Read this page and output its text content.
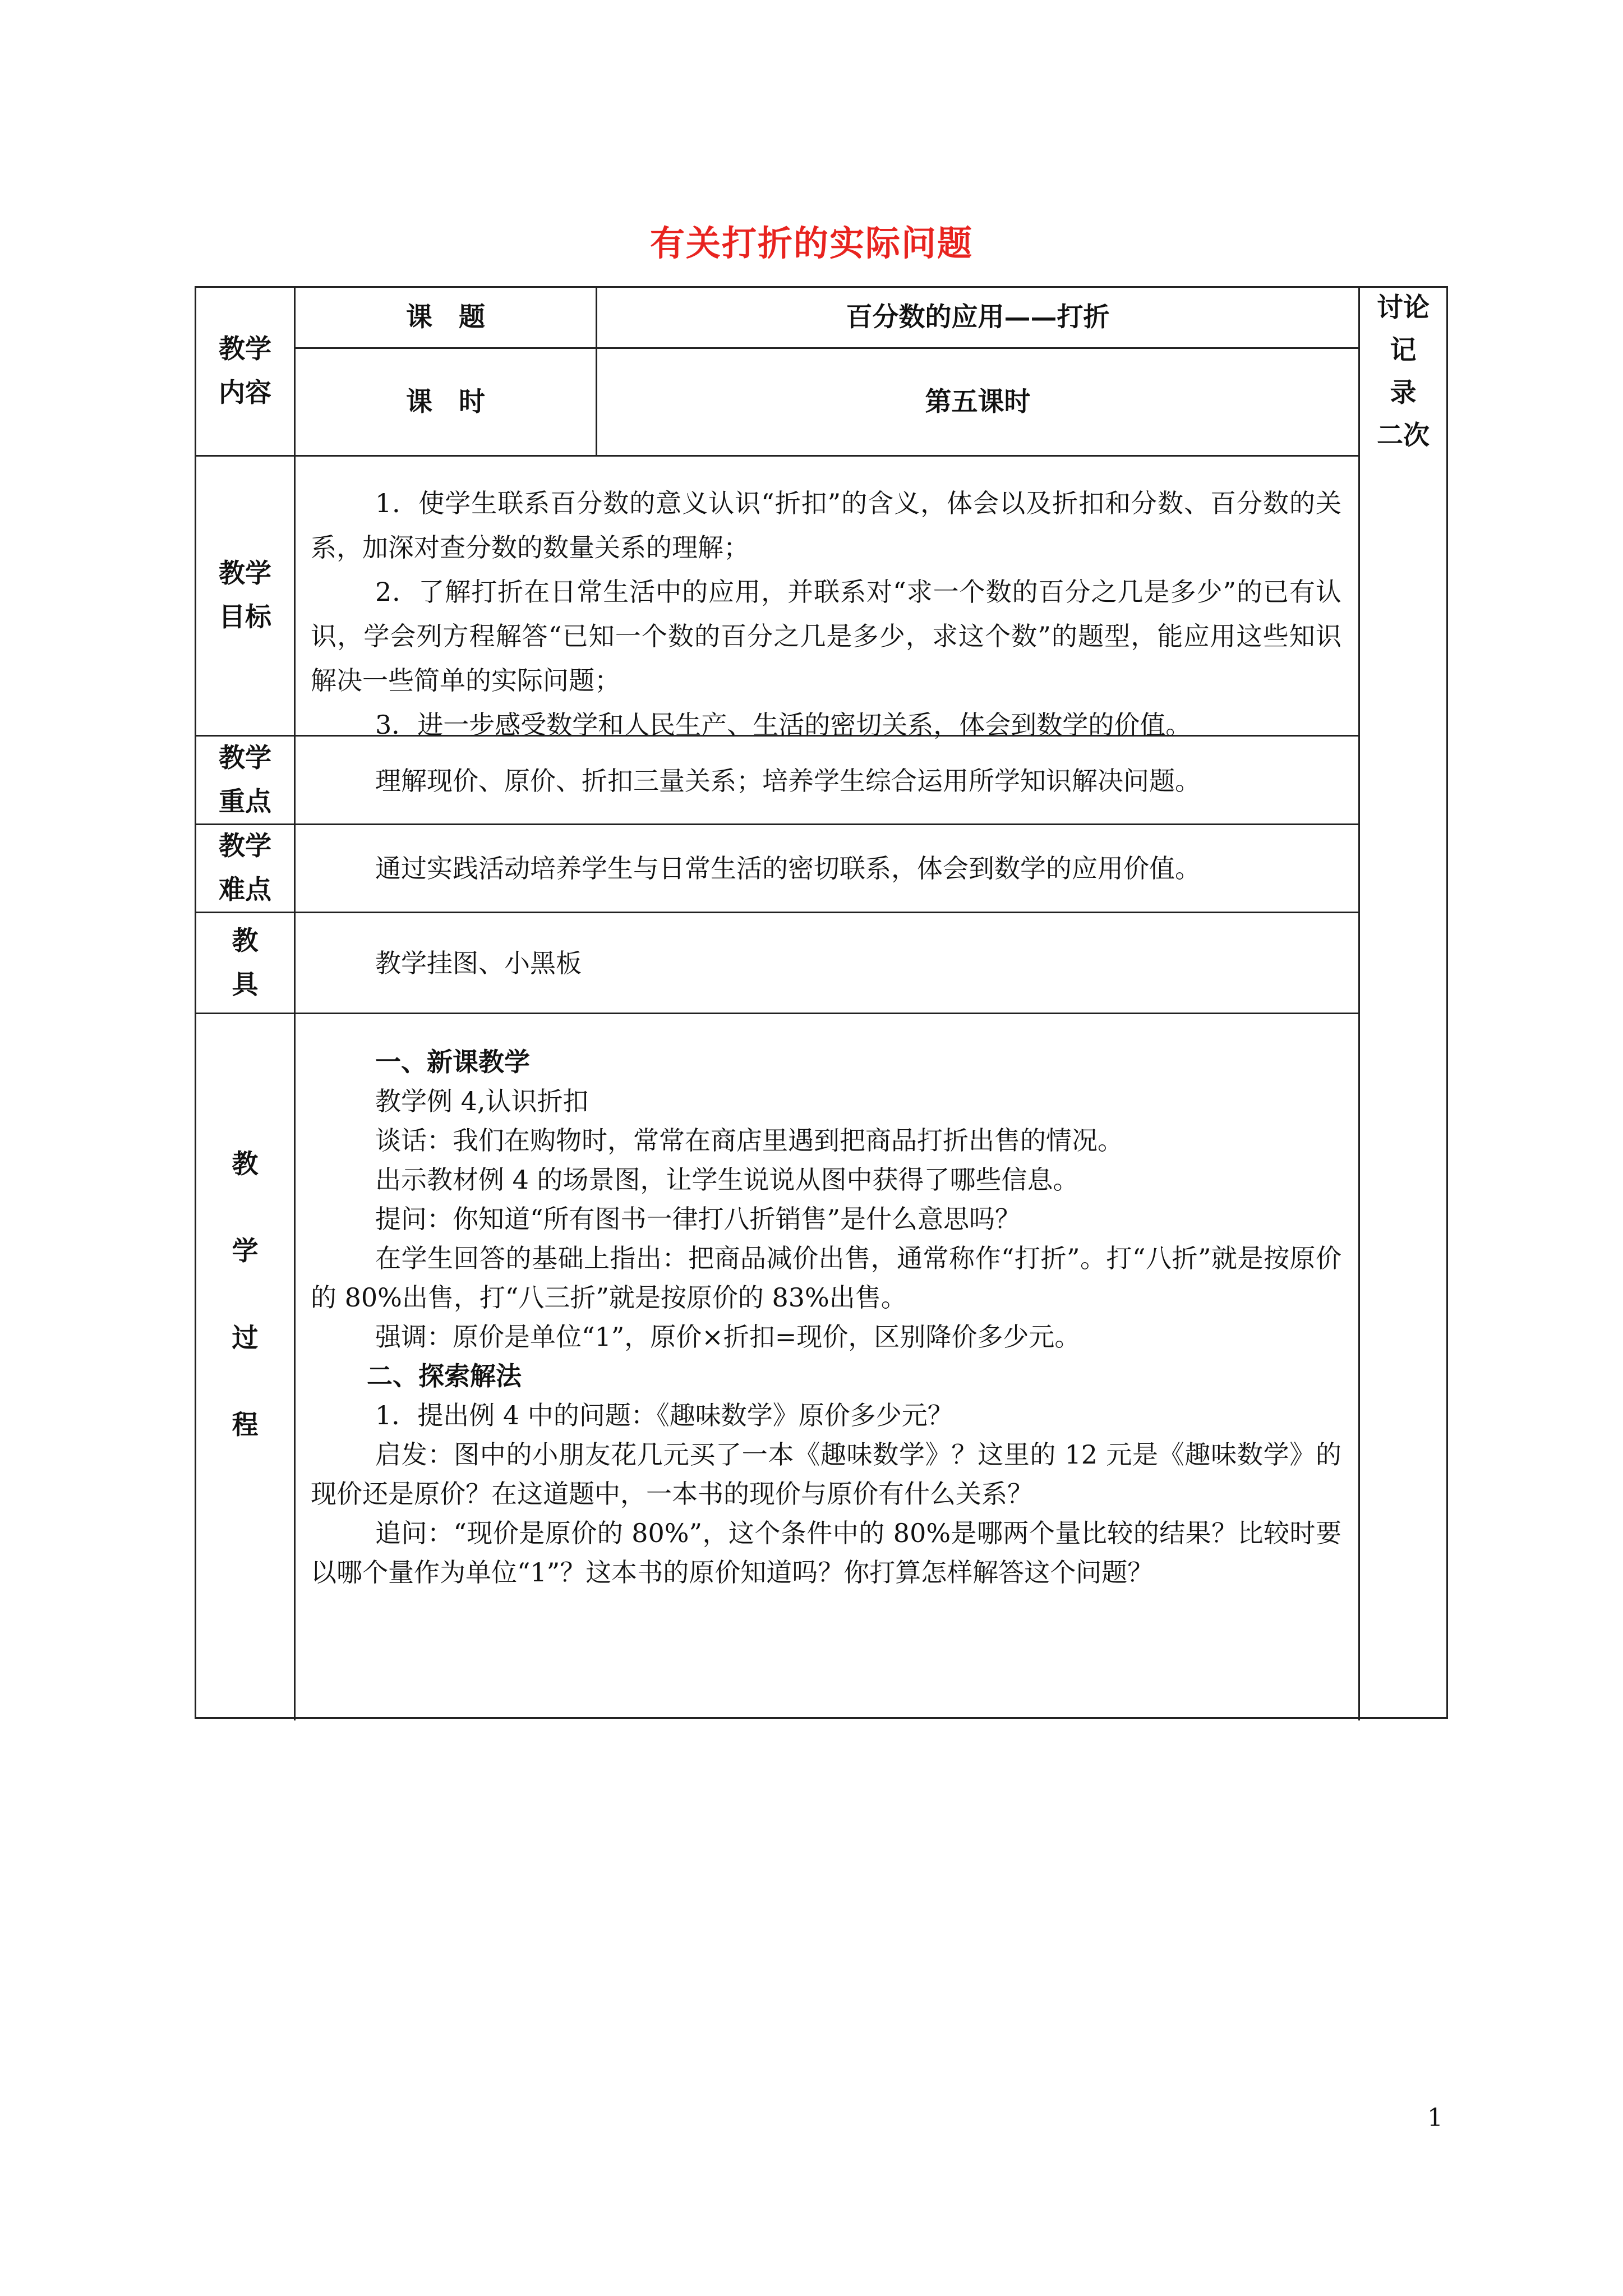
有关打折的实际问题
教学
内容
课　题	百分数的应用——打折
课　时	第五课时
讨论
记
录
二次
教学
目标

1．使学生联系百分数的意义认识“折扣”的含义，体会以及折扣和分数、百分数的关系，加深对查分数的数量关系的理解；

2．了解打折在日常生活中的应用，并联系对“求一个数的百分之几是多少”的已有认识，学会列方程解答“已知一个数的百分之几是多少，求这个数”的题型，能应用这些知识解决一些简单的实际问题；

3．进一步感受数学和人民生产、生活的密切关系，体会到数学的价值。

教学
重点

理解现价、原价、折扣三量关系；培养学生综合运用所学知识解决问题。

教学
难点

通过实践活动培养学生与日常生活的密切联系，体会到数学的应用价值。

教
具

教学挂图、小黑板

教
学
过
程

一、新课教学

教学例 4,认识折扣

谈话：我们在购物时，常常在商店里遇到把商品打折出售的情况。

出示教材例 4 的场景图，让学生说说从图中获得了哪些信息。

提问：你知道“所有图书一律打八折销售”是什么意思吗？

在学生回答的基础上指出：把商品减价出售，通常称作“打折”。打“八折”就是按原价的 80%出售，打“八三折”就是按原价的 83%出售。

强调：原价是单位“1”，原价×折扣=现价，区别降价多少元。

二、探索解法

1．提出例 4 中的问题：《趣味数学》原价多少元？

启发：图中的小朋友花几元买了一本《趣味数学》？这里的 12 元是《趣味数学》的现价还是原价？在这道题中，一本书的现价与原价有什么关系？

追问：“现价是原价的 80%”，这个条件中的 80%是哪两个量比较的结果？比较时要以哪个量作为单位“1”？这本书的原价知道吗？你打算怎样解答这个问题？

1
